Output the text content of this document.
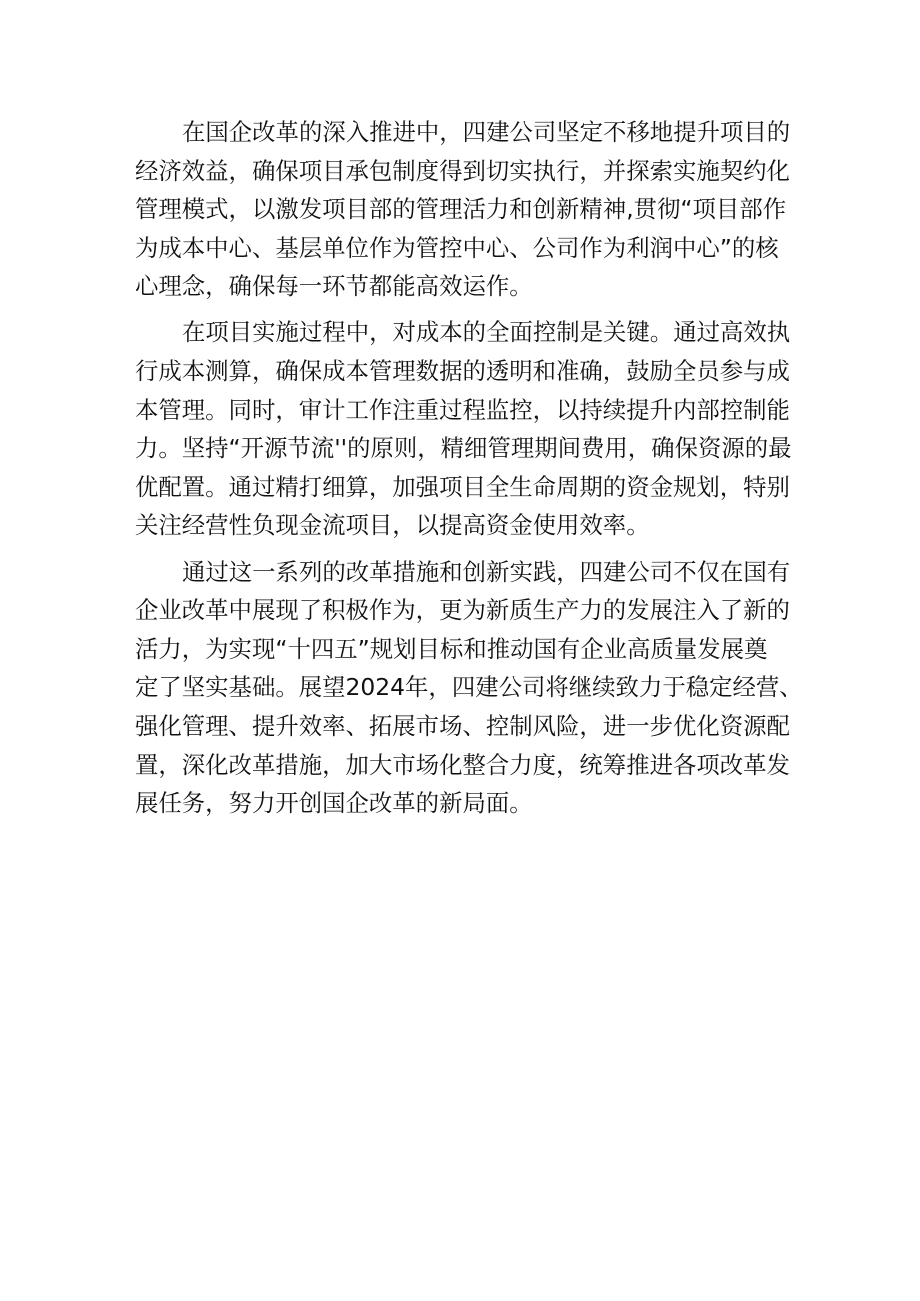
在国企改革的深入推进中，四建公司坚定不移地提升项目的
经济效益，确保项目承包制度得到切实执行，并探索实施契约化
管理模式，以激发项目部的管理活力和创新精神,贯彻“项目部作
为成本中心、基层单位作为管控中心、公司作为利润中心”的核
心理念，确保每一环节都能高效运作。
在项目实施过程中，对成本的全面控制是关键。通过高效执
行成本测算，确保成本管理数据的透明和准确，鼓励全员参与成
本管理。同时，审计工作注重过程监控，以持续提升内部控制能
力。坚持“开源节流''的原则，精细管理期间费用，确保资源的最
优配置。通过精打细算，加强项目全生命周期的资金规划，特别
关注经营性负现金流项目，以提高资金使用效率。
通过这一系列的改革措施和创新实践，四建公司不仅在国有
企业改革中展现了积极作为，更为新质生产力的发展注入了新的
活力，为实现“十四五”规划目标和推动国有企业高质量发展奠
定了坚实基础。展望2024年，四建公司将继续致力于稳定经营、
强化管理、提升效率、拓展市场、控制风险，进一步优化资源配
置，深化改革措施，加大市场化整合力度，统筹推进各项改革发
展任务，努力开创国企改革的新局面。
